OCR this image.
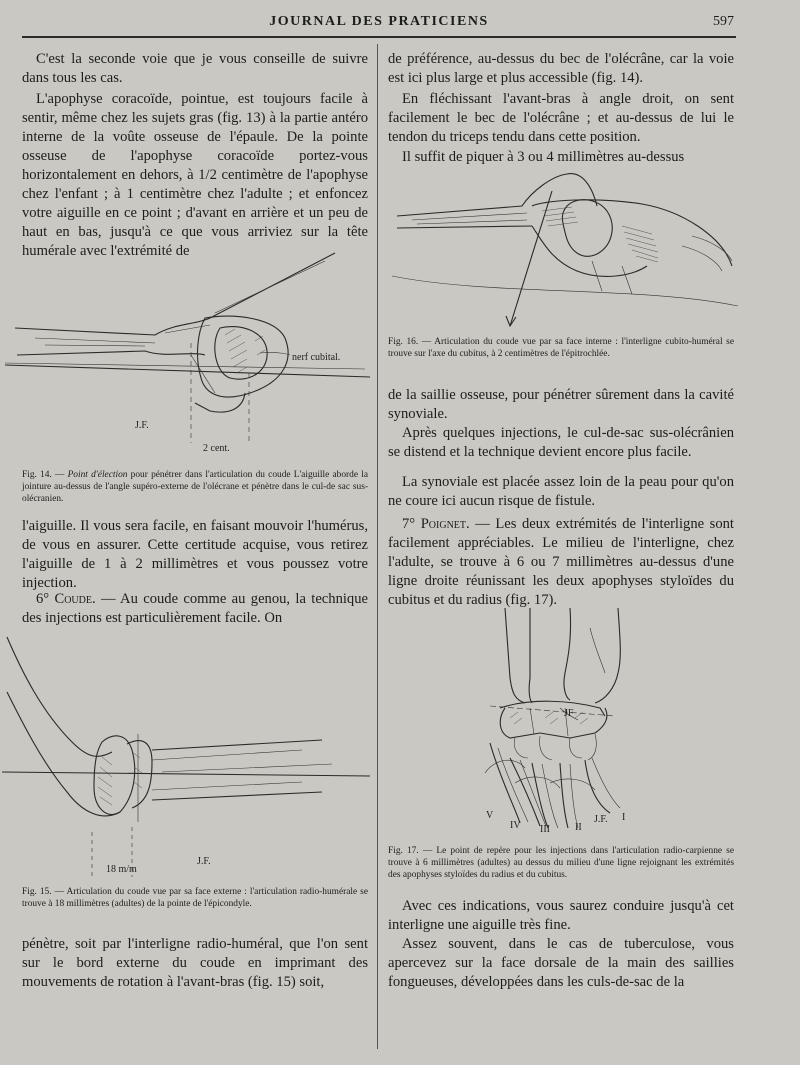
JOURNAL DES PRATICIENS	597

C'est la seconde voie que je vous conseille de suivre dans tous les cas.

L'apophyse coracoïde, pointue, est toujours facile à sentir, même chez les sujets gras (fig. 13) à la partie antéro interne de la voûte osseuse de l'épaule. De la pointe osseuse de l'apophyse coracoïde portez-vous horizontalement en dehors, à 1/2 centimètre de l'apophyse chez l'enfant ; à 1 centimètre chez l'adulte ; et enfoncez votre aiguille en ce point ; d'avant en arrière et un peu de haut en bas, jusqu'à ce que vous arriviez sur la tête humérale avec l'extrémité de

nerf cubital.
2 cent.
J.F.

Fig. 14. — Point d'élection pour pénétrer dans l'articulation du coude L'aiguille aborde la jointure au-dessus de l'angle supéro-externe de l'olécrane et pénètre dans le cul-de sac sus-olécranien.

l'aiguille. Il vous sera facile, en faisant mouvoir l'humérus, de vous en assurer. Cette certitude acquise, vous retirez l'aiguille de 1 à 2 millimètres et vous poussez votre injection.

6° Coude. — Au coude comme au genou, la technique des injections est particulièrement facile. On

18 m/m
J.F.

Fig. 15. — Articulation du coude vue par sa face externe : l'articulation radio-humérale se trouve à 18 millimètres (adultes) de la pointe de l'épicondyle.

pénètre, soit par l'interligne radio-huméral, que l'on sent sur le bord externe du coude en imprimant des mouvements de rotation à l'avant-bras (fig. 15) soit,

de préférence, au-dessus du bec de l'olécrâne, car la voie est ici plus large et plus accessible (fig. 14).

En fléchissant l'avant-bras à angle droit, on sent facilement le bec de l'olécrâne ; et au-dessus de lui le tendon du triceps tendu dans cette position.

Il suffit de piquer à 3 ou 4 millimètres au-dessus

Fig. 16. — Articulation du coude vue par sa face interne : l'interligne cubito-huméral se trouve sur l'axe du cubitus, à 2 centimètres de l'épitrochlée.

de la saillie osseuse, pour pénétrer sûrement dans la cavité synoviale.

Après quelques injections, le cul-de-sac sus-olécrânien se distend et la technique devient encore plus facile.

La synoviale est placée assez loin de la peau pour qu'on ne coure ici aucun risque de fistule.

7° Poignet. — Les deux extrémités de l'interligne sont facilement appréciables. Le milieu de l'interligne, chez l'adulte, se trouve à 6 ou 7 millimètres au-dessus d'une ligne droite réunissant les deux apophyses styloïdes du cubitus et du radius (fig. 17).

JF
V
IV III	II
J.F. I

Fig. 17. — Le point de repère pour les injections dans l'articulation radio-carpienne se trouve à 6 millimètres (adultes) au dessus du milieu d'une ligne rejoignant les extrémités des apophyses styloïdes du radius et du cubitus.

Avec ces indications, vous saurez conduire jusqu'à cet interligne une aiguille très fine.

Assez souvent, dans le cas de tuberculose, vous apercevez sur la face dorsale de la main des saillies fongueuses, développées dans les culs-de-sac de la
